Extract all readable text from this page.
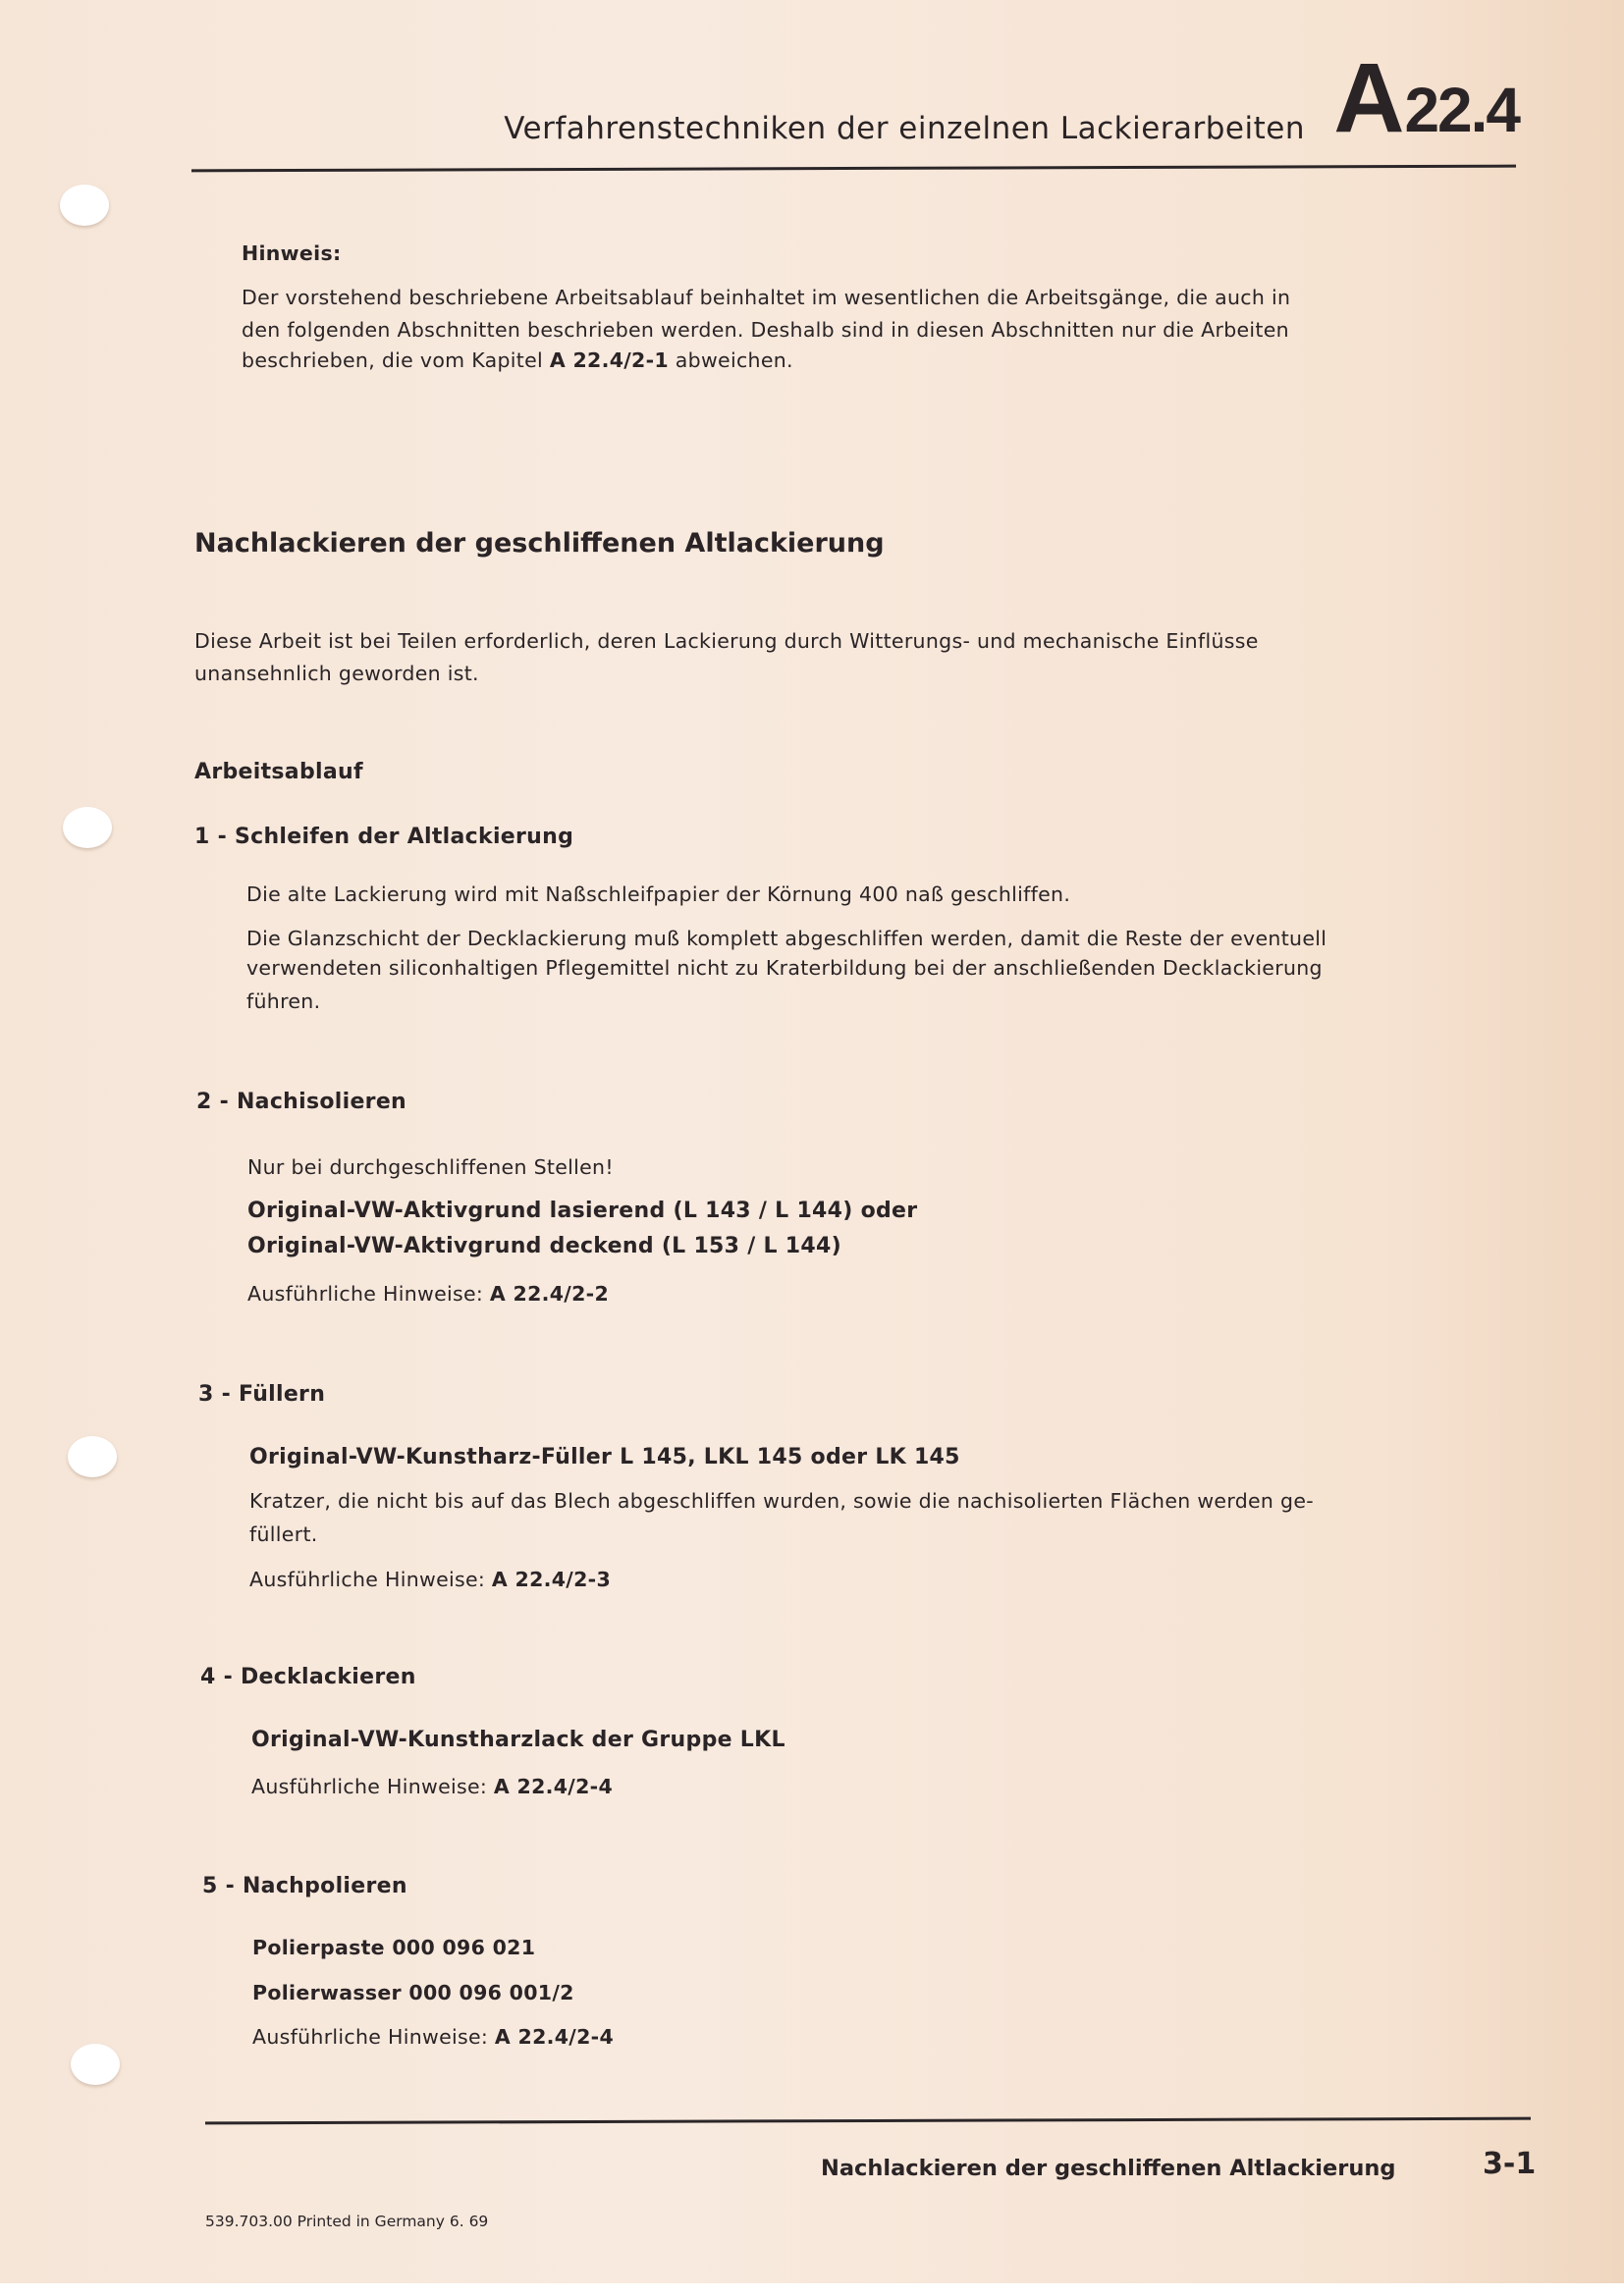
Verfahrenstechniken der einzelnen Lackierarbeiten A22.4
Hinweis:
Der vorstehend beschriebene Arbeitsablauf beinhaltet im wesentlichen die Arbeitsgänge, die auch in
den folgenden Abschnitten beschrieben werden. Deshalb sind in diesen Abschnitten nur die Arbeiten
beschrieben, die vom Kapitel A 22.4/2-1 abweichen.
Nachlackieren der geschliffenen Altlackierung
Diese Arbeit ist bei Teilen erforderlich, deren Lackierung durch Witterungs- und mechanische Einflüsse
unansehnlich geworden ist.
Arbeitsablauf
1 - Schleifen der Altlackierung
Die alte Lackierung wird mit Naßschleifpapier der Körnung 400 naß geschliffen.
Die Glanzschicht der Decklackierung muß komplett abgeschliffen werden, damit die Reste der eventuell
verwendeten siliconhaltigen Pflegemittel nicht zu Kraterbildung bei der anschließenden Decklackierung
führen.
2 - Nachisolieren
Nur bei durchgeschliffenen Stellen!
Original-VW-Aktivgrund lasierend (L 143 / L 144) oder
Original-VW-Aktivgrund deckend (L 153 / L 144)
Ausführliche Hinweise: A 22.4/2-2
3 - Füllern
Original-VW-Kunstharz-Füller L 145, LKL 145 oder LK 145
Kratzer, die nicht bis auf das Blech abgeschliffen wurden, sowie die nachisolierten Flächen werden ge-
füllert.
Ausführliche Hinweise: A 22.4/2-3
4 - Decklackieren
Original-VW-Kunstharzlack der Gruppe LKL
Ausführliche Hinweise: A 22.4/2-4
5 - Nachpolieren
Polierpaste 000 096 021
Polierwasser 000 096 001/2
Ausführliche Hinweise: A 22.4/2-4
Nachlackieren der geschliffenen Altlackierung	3-1
539.703.00 Printed in Germany 6. 69
